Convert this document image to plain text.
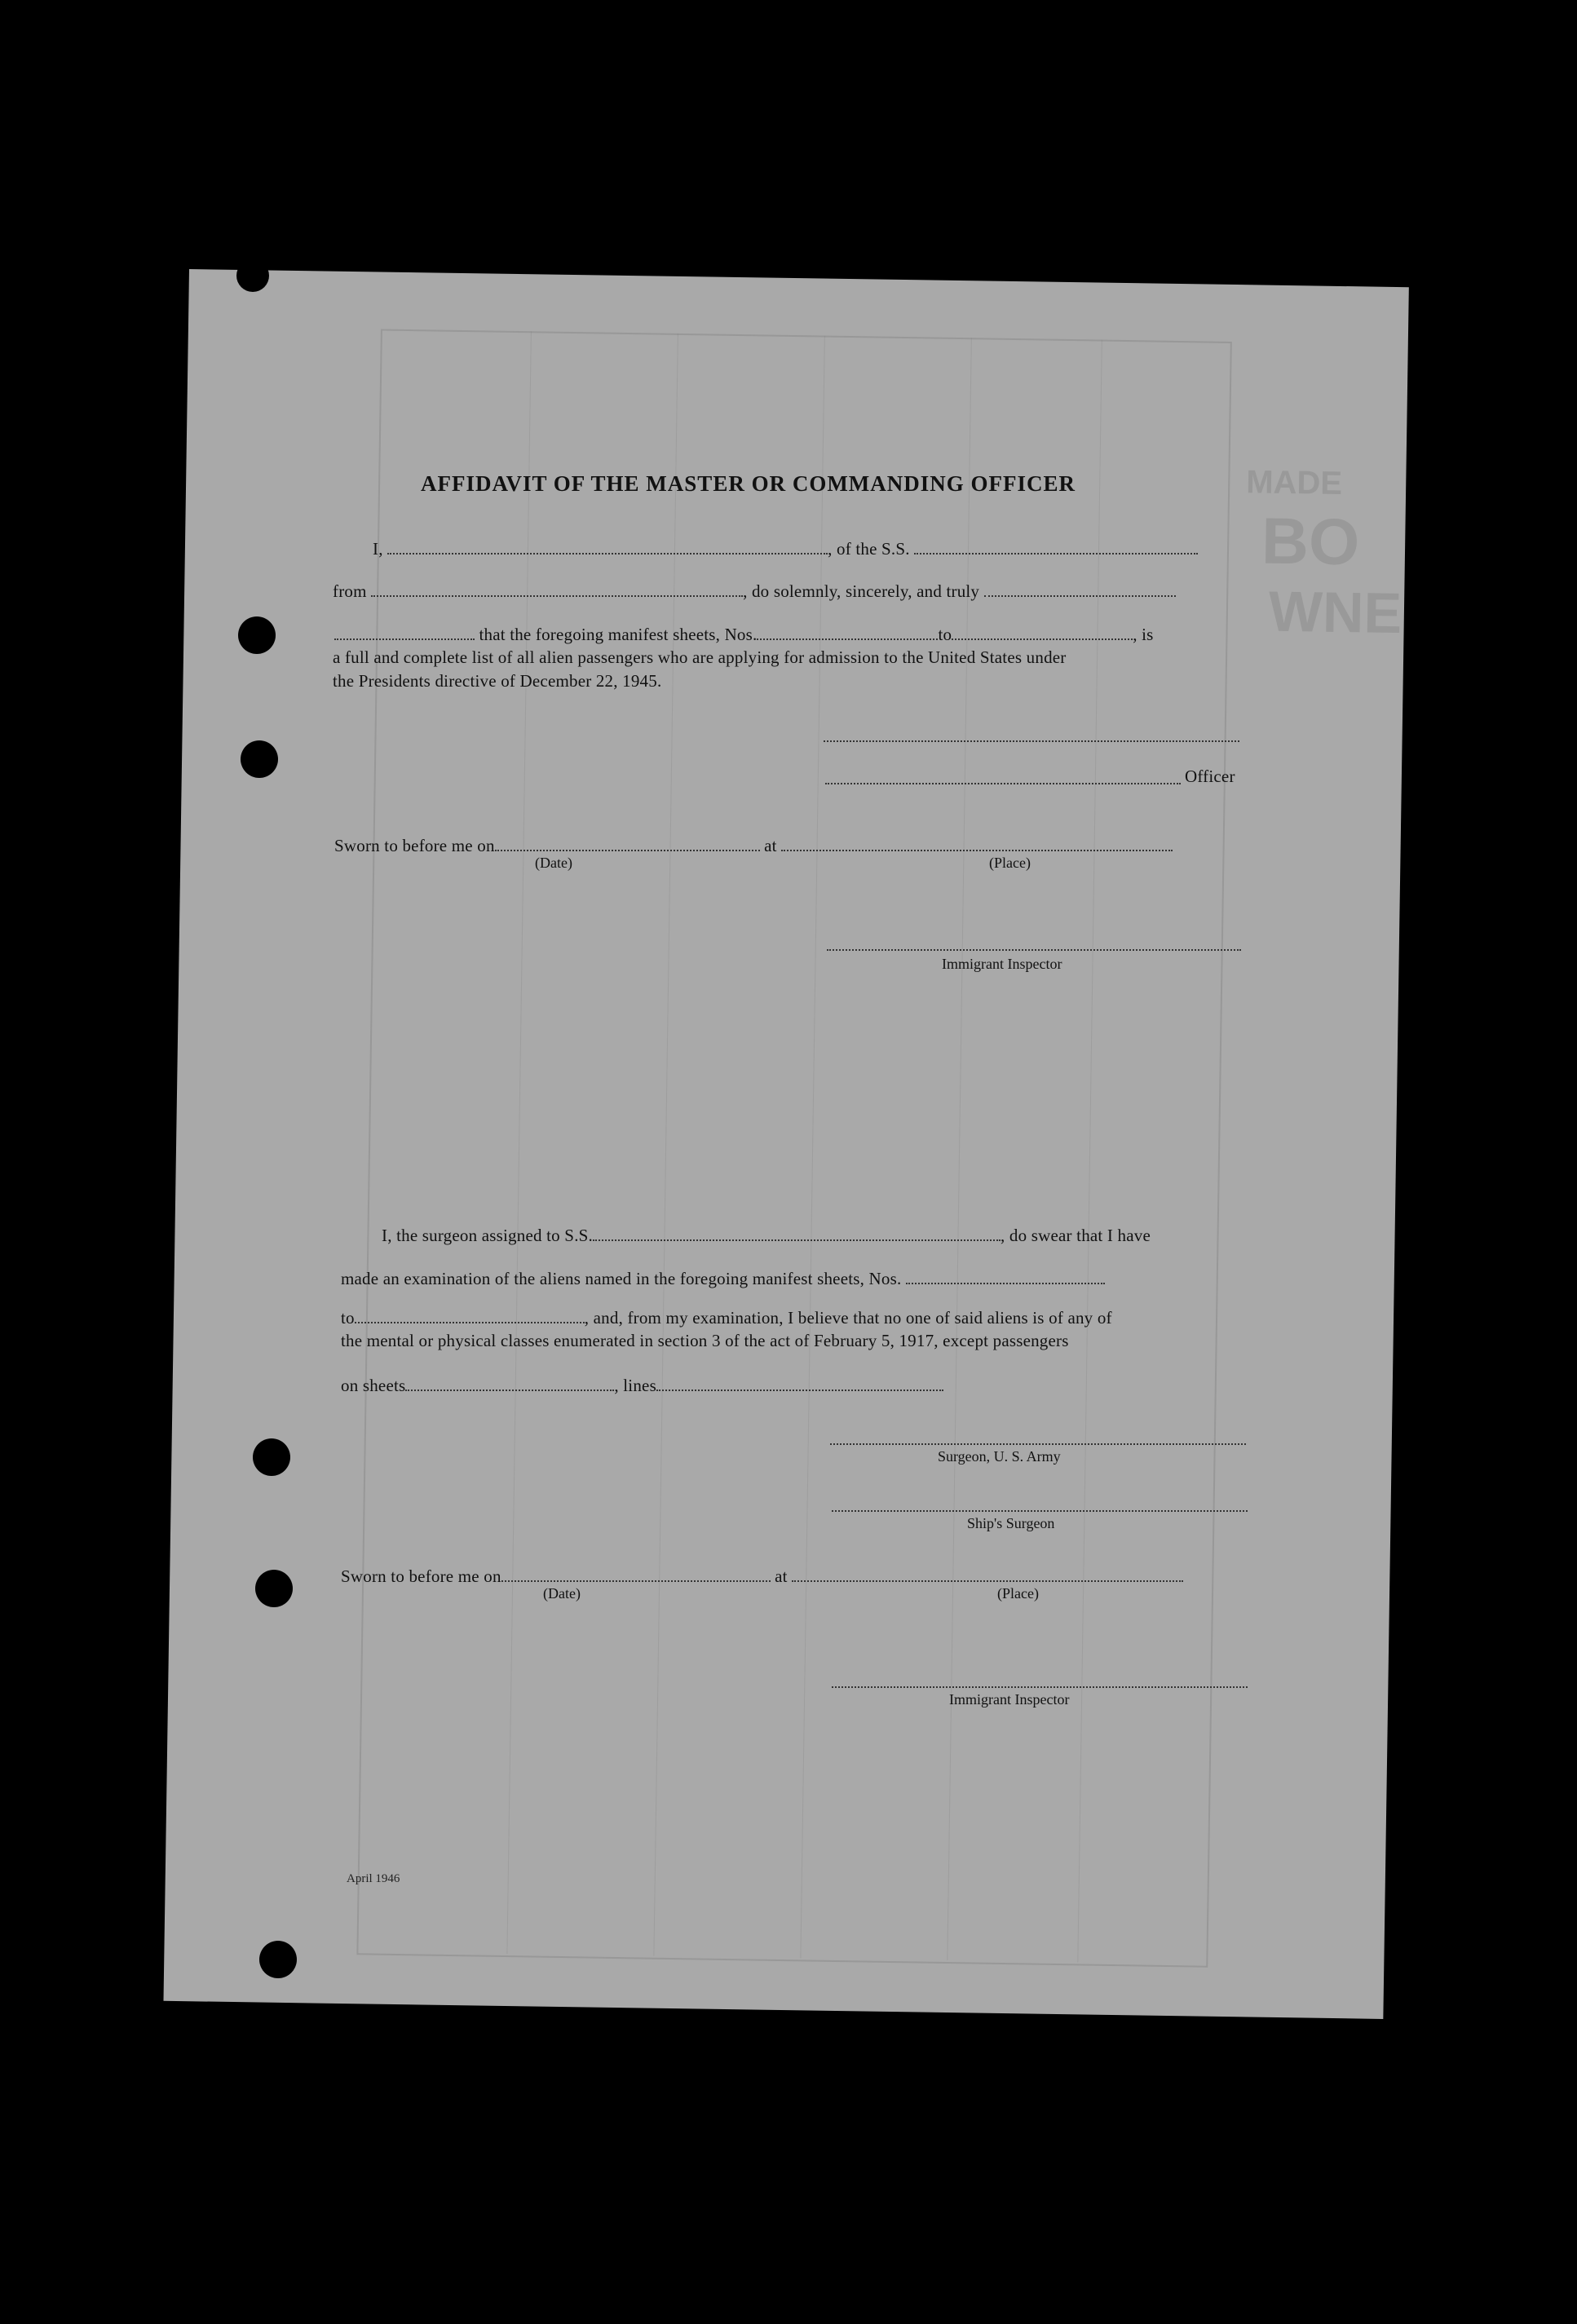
MADE
BO
WNE
AFFIDAVIT OF THE MASTER OR COMMANDING OFFICER
I,	, of the S.S.
from	, do solemnly, sincerely, and truly
that the foregoing manifest sheets, Nos.	to	, is
a full and complete list of all alien passengers who are applying for admission to the United States under
the Presidents directive of December 22, 1945.
Officer
Sworn to before me on	at
(Date)	(Place)
Immigrant Inspector
I, the surgeon assigned to S.S.	, do swear that I have
made an examination of the aliens named in the foregoing manifest sheets, Nos.
to	, and, from my examination, I believe that no one of said aliens is of any of
the mental or physical classes enumerated in section 3 of the act of February 5, 1917, except passengers
on sheets	, lines
Surgeon, U. S. Army
Ship's Surgeon
Sworn to before me on	at
(Date)	(Place)
Immigrant Inspector
April 1946
